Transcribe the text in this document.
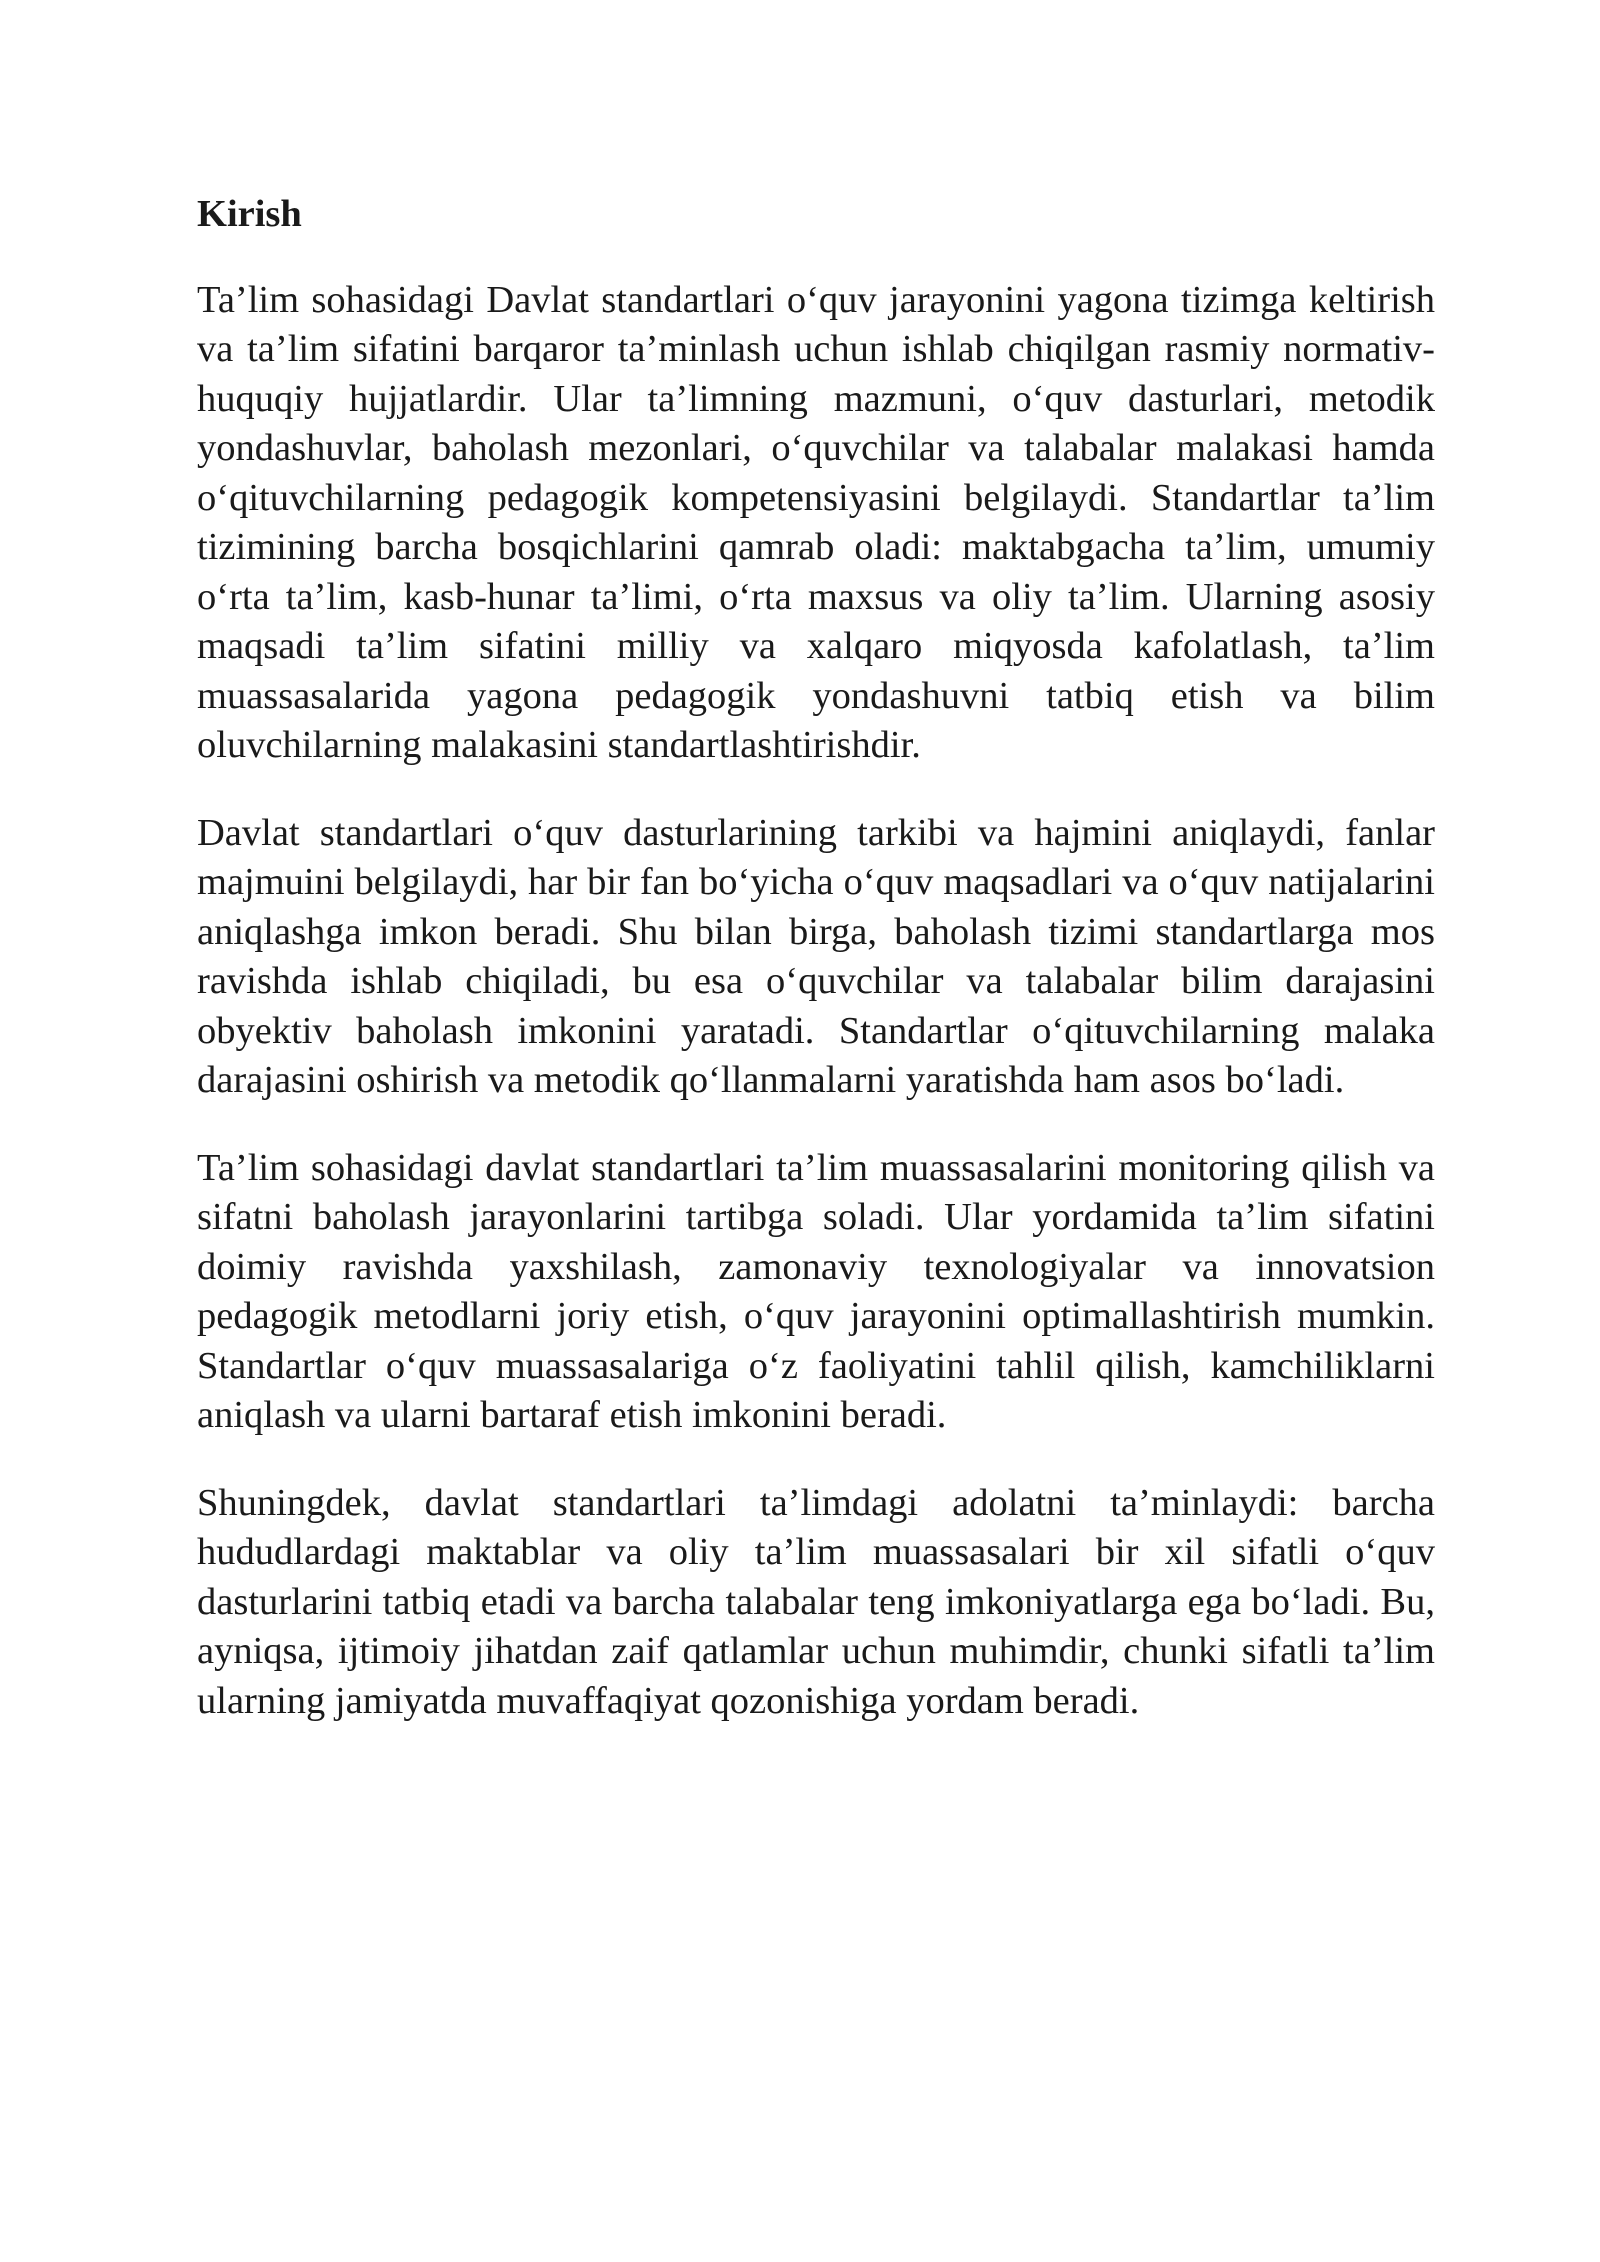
Kirish

Ta’lim sohasidagi Davlat standartlari o‘quv jarayonini yagona tizimga keltirish va ta’lim sifatini barqaror ta’minlash uchun ishlab chiqilgan rasmiy normativ-huquqiy hujjatlardir. Ular ta’limning mazmuni, o‘quv dasturlari, metodik yondashuvlar, baholash mezonlari, o‘quvchilar va talabalar malakasi hamda o‘qituvchilarning pedagogik kompetensiyasini belgilaydi. Standartlar ta’lim tizimining barcha bosqichlarini qamrab oladi: maktabgacha ta’lim, umumiy o‘rta ta’lim, kasb-hunar ta’limi, o‘rta maxsus va oliy ta’lim. Ularning asosiy maqsadi ta’lim sifatini milliy va xalqaro miqyosda kafolatlash, ta’lim muassasalarida yagona pedagogik yondashuvni tatbiq etish va bilim oluvchilarning malakasini standartlashtirishdir.

Davlat standartlari o‘quv dasturlarining tarkibi va hajmini aniqlaydi, fanlar majmuini belgilaydi, har bir fan bo‘yicha o‘quv maqsadlari va o‘quv natijalarini aniqlashga imkon beradi. Shu bilan birga, baholash tizimi standartlarga mos ravishda ishlab chiqiladi, bu esa o‘quvchilar va talabalar bilim darajasini obyektiv baholash imkonini yaratadi. Standartlar o‘qituvchilarning malaka darajasini oshirish va metodik qo‘llanmalarni yaratishda ham asos bo‘ladi.

Ta’lim sohasidagi davlat standartlari ta’lim muassasalarini monitoring qilish va sifatni baholash jarayonlarini tartibga soladi. Ular yordamida ta’lim sifatini doimiy ravishda yaxshilash, zamonaviy texnologiyalar va innovatsion pedagogik metodlarni joriy etish, o‘quv jarayonini optimallashtirish mumkin. Standartlar o‘quv muassasalariga o‘z faoliyatini tahlil qilish, kamchiliklarni aniqlash va ularni bartaraf etish imkonini beradi.

Shuningdek, davlat standartlari ta’limdagi adolatni ta’minlaydi: barcha hududlardagi maktablar va oliy ta’lim muassasalari bir xil sifatli o‘quv dasturlarini tatbiq etadi va barcha talabalar teng imkoniyatlarga ega bo‘ladi. Bu, ayniqsa, ijtimoiy jihatdan zaif qatlamlar uchun muhimdir, chunki sifatli ta’lim ularning jamiyatda muvaffaqiyat qozonishiga yordam beradi.
